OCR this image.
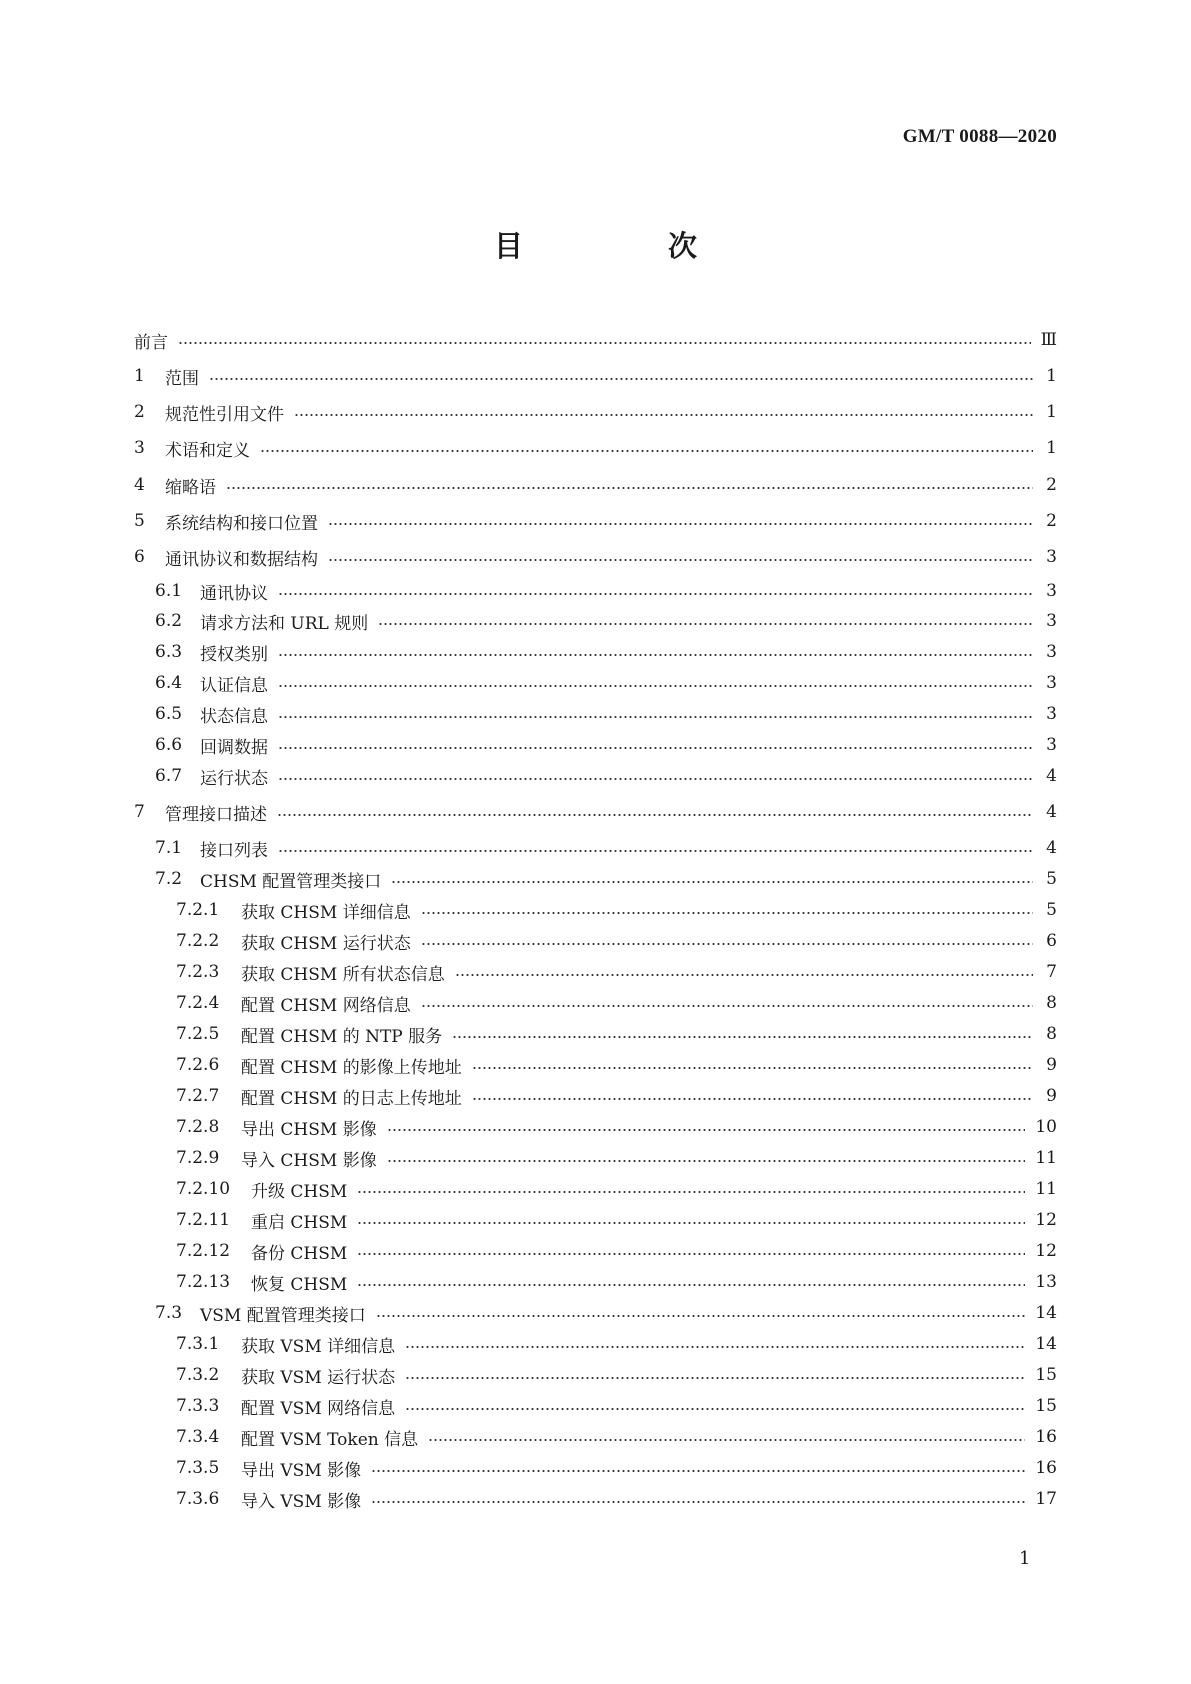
GM/T 0088—2020
目　次
前言	Ⅲ
1	范围	1
2	规范性引用文件	1
3	术语和定义	1
4	缩略语	2
5	系统结构和接口位置	2
6	通讯协议和数据结构	3
6.1	通讯协议	3
6.2	请求方法和 URL 规则	3
6.3	授权类别	3
6.4	认证信息	3
6.5	状态信息	3
6.6	回调数据	3
6.7	运行状态	4
7	管理接口描述	4
7.1	接口列表	4
7.2	CHSM 配置管理类接口	5
7.2.1	获取 CHSM 详细信息	5
7.2.2	获取 CHSM 运行状态	6
7.2.3	获取 CHSM 所有状态信息	7
7.2.4	配置 CHSM 网络信息	8
7.2.5	配置 CHSM 的 NTP 服务	8
7.2.6	配置 CHSM 的影像上传地址	9
7.2.7	配置 CHSM 的日志上传地址	9
7.2.8	导出 CHSM 影像	10
7.2.9	导入 CHSM 影像	11
7.2.10	升级 CHSM	11
7.2.11	重启 CHSM	12
7.2.12	备份 CHSM	12
7.2.13	恢复 CHSM	13
7.3	VSM 配置管理类接口	14
7.3.1	获取 VSM 详细信息	14
7.3.2	获取 VSM 运行状态	15
7.3.3	配置 VSM 网络信息	15
7.3.4	配置 VSM Token 信息	16
7.3.5	导出 VSM 影像	16
7.3.6	导入 VSM 影像	17
1
